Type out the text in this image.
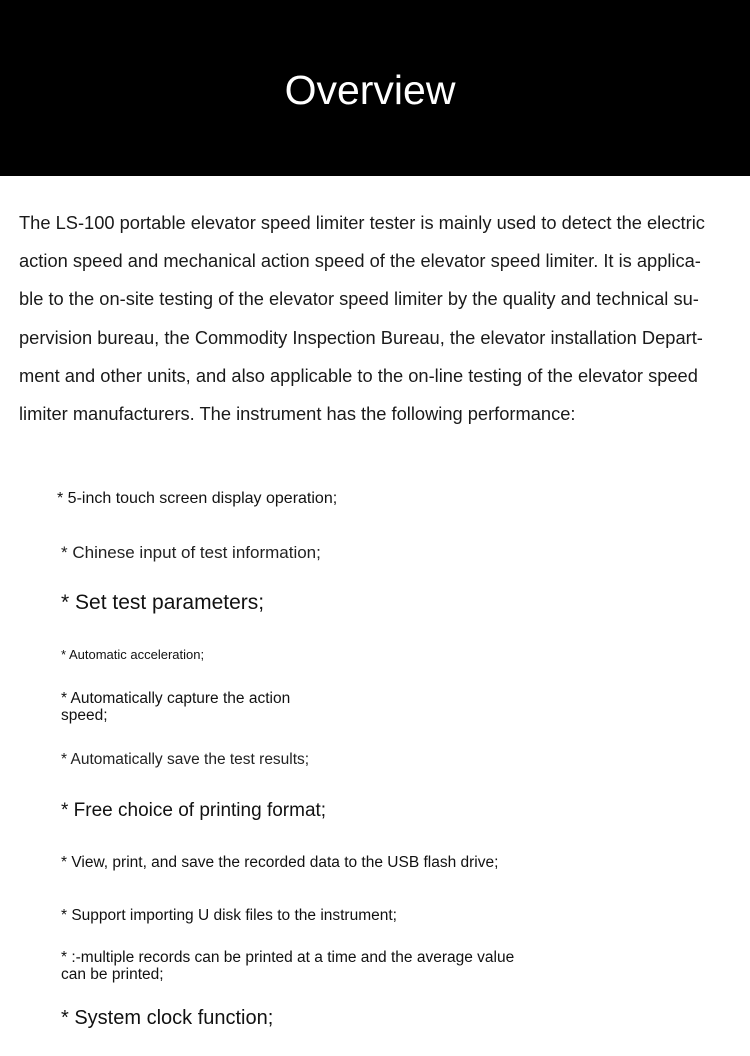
Overview

The LS-100 portable elevator speed limiter tester is mainly used to detect the electric
action speed and mechanical action speed of the elevator speed limiter. It is applica-
ble to the on-site testing of the elevator speed limiter by the quality and technical su-
pervision bureau, the Commodity Inspection Bureau, the elevator installation Depart-
ment and other units, and also applicable to the on-line testing of the elevator speed
limiter manufacturers. The instrument has the following performance:

* 5-inch touch screen display operation;

* Chinese input of test information;

* Set test parameters;

* Automatic acceleration;

* Automatically capture the action speed;

* Automatically save the test results;

* Free choice of printing format;

* View, print, and save the recorded data to the USB flash drive;

* Support importing U disk files to the instrument;

* :-multiple records can be printed at a time and the average value can be printed;

* System clock function;
